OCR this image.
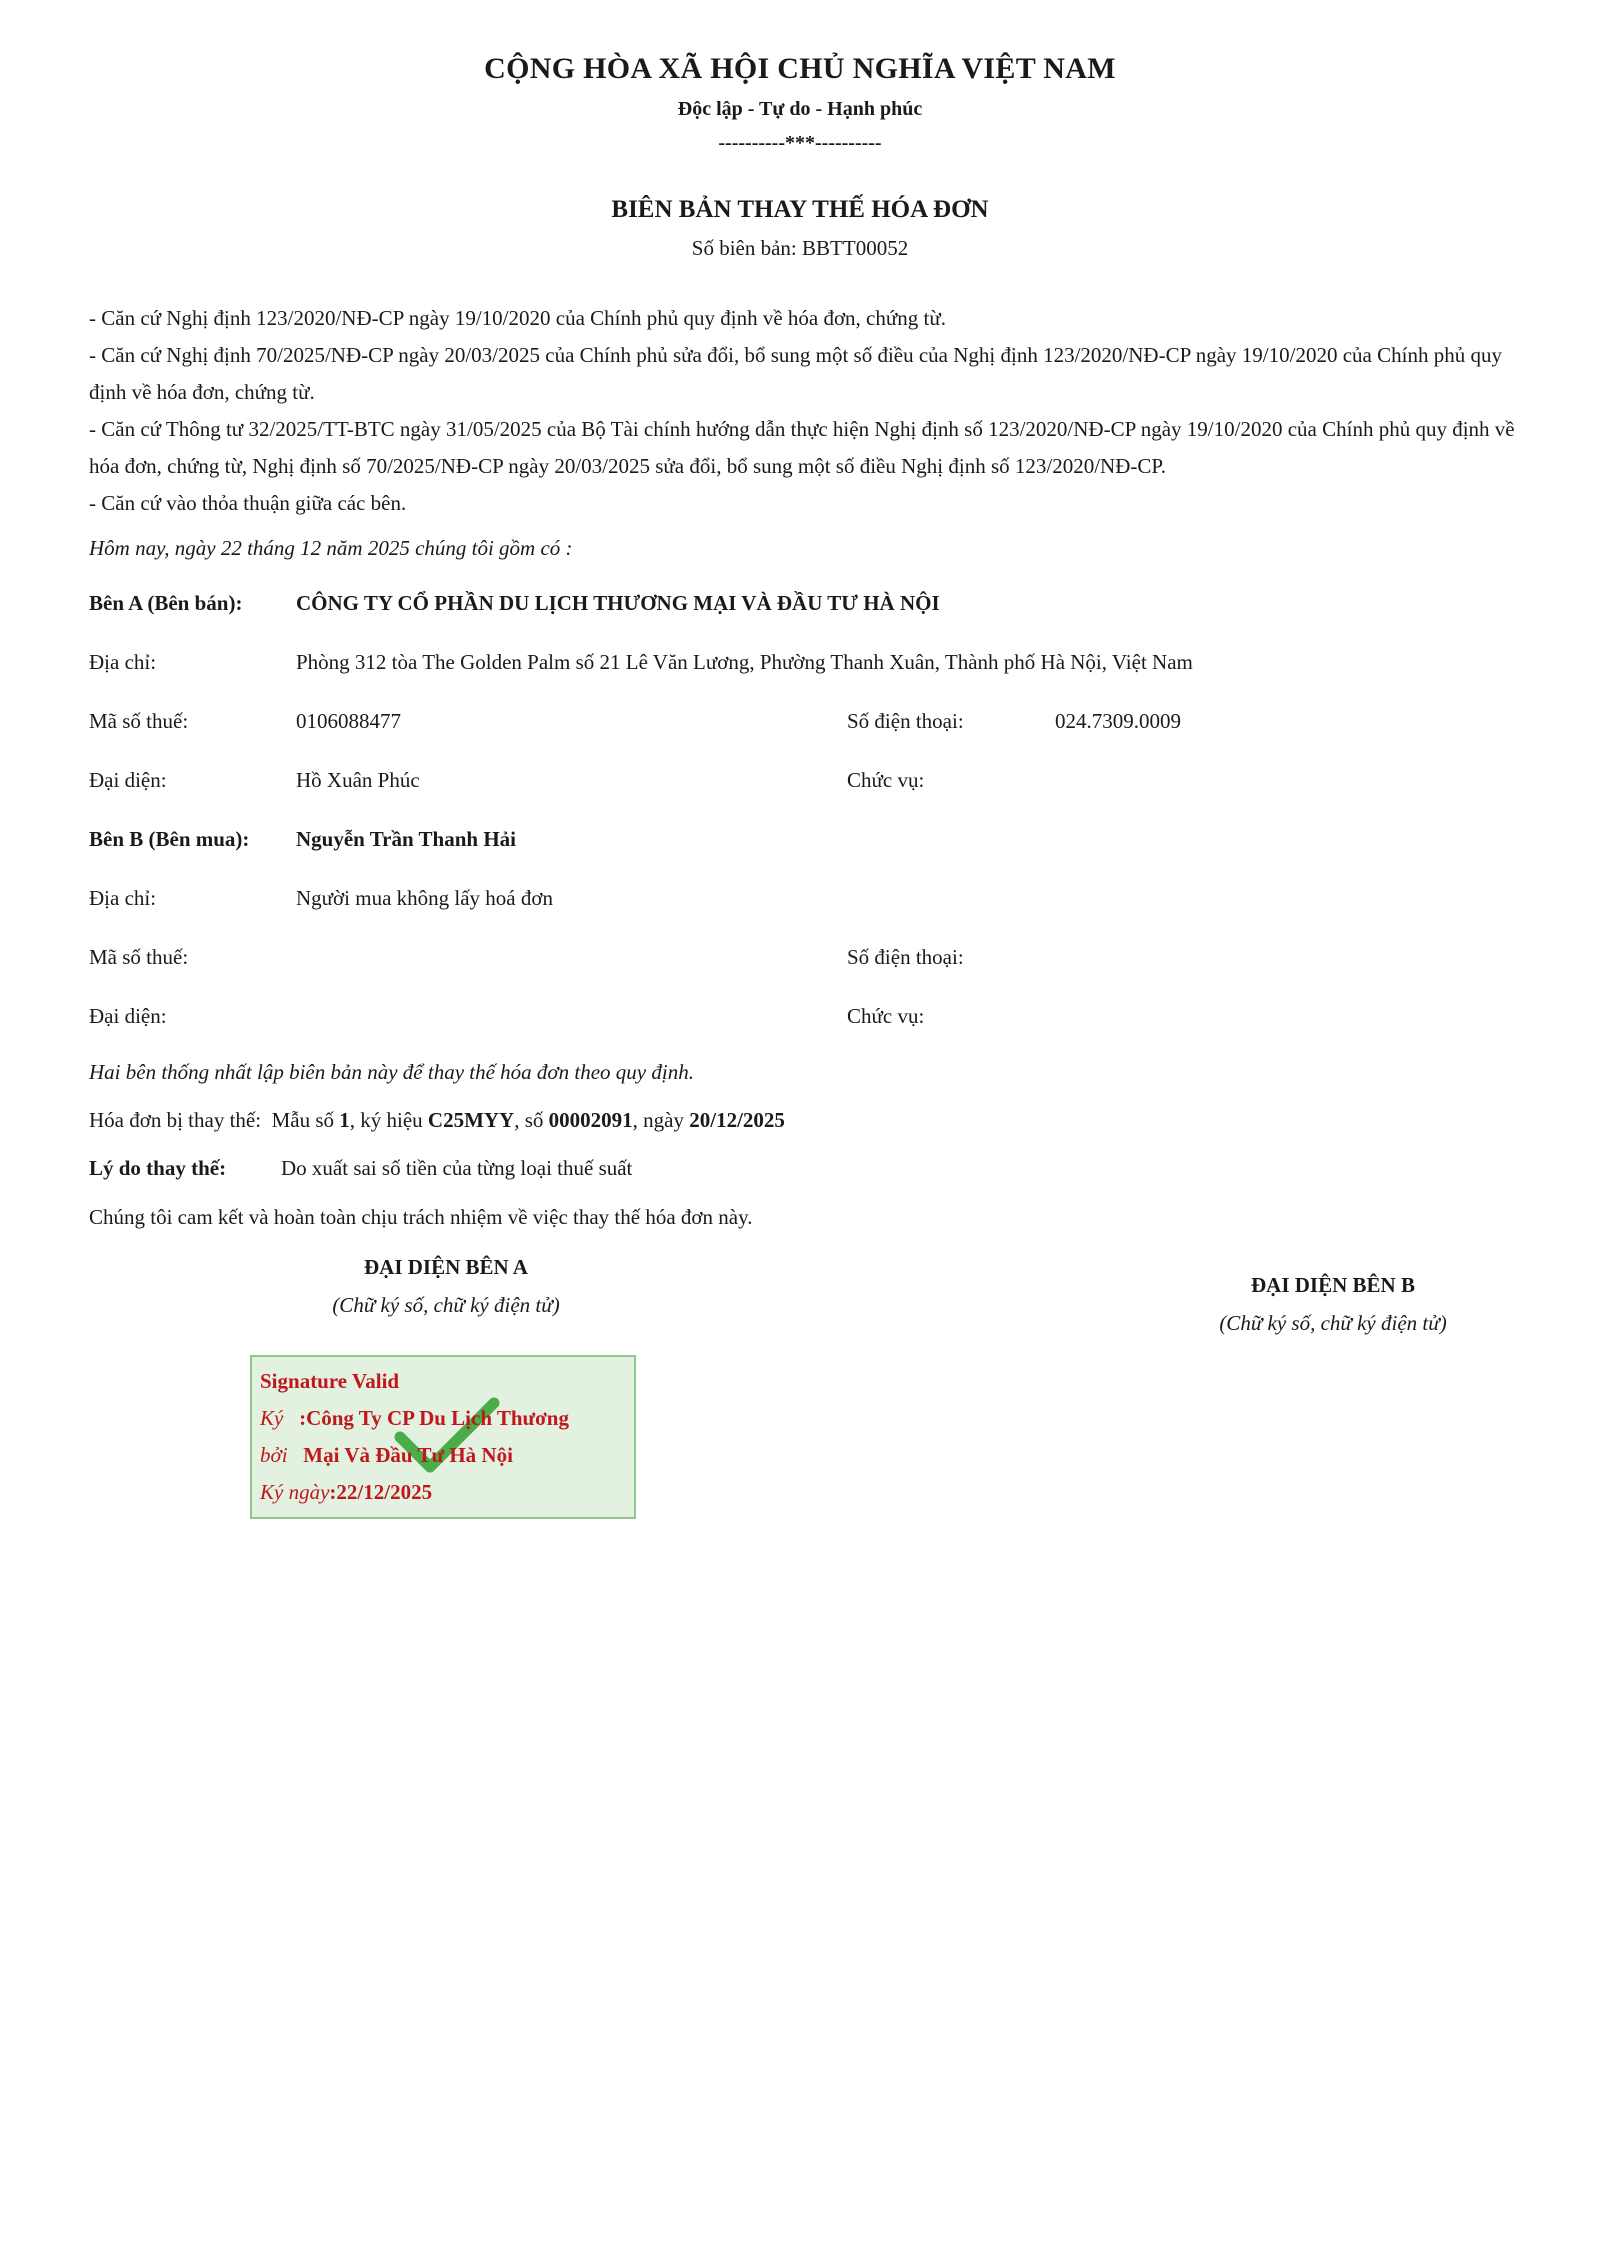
CỘNG HÒA XÃ HỘI CHỦ NGHĨA VIỆT NAM
Độc lập - Tự do - Hạnh phúc
----------***----------
BIÊN BẢN THAY THẾ HÓA ĐƠN
Số biên bản: BBTT00052

- Căn cứ Nghị định 123/2020/NĐ-CP ngày 19/10/2020 của Chính phủ quy định về hóa đơn, chứng từ.

- Căn cứ Nghị định 70/2025/NĐ-CP ngày 20/03/2025 của Chính phủ sửa đổi, bổ sung một số điều của Nghị định 123/2020/NĐ-CP ngày 19/10/2020 của Chính phủ quy định về hóa đơn, chứng từ.

- Căn cứ Thông tư 32/2025/TT-BTC ngày 31/05/2025 của Bộ Tài chính hướng dẫn thực hiện Nghị định số 123/2020/NĐ-CP ngày 19/10/2020 của Chính phủ quy định về hóa đơn, chứng từ, Nghị định số 70/2025/NĐ-CP ngày 20/03/2025 sửa đổi, bổ sung một số điều Nghị định số 123/2020/NĐ-CP.

- Căn cứ vào thỏa thuận giữa các bên.

Hôm nay, ngày 22 tháng 12 năm 2025 chúng tôi gồm có :
Bên A (Bên bán):	CÔNG TY CỔ PHẦN DU LỊCH THƯƠNG MẠI VÀ ĐẦU TƯ HÀ NỘI
Địa chỉ:	Phòng 312 tòa The Golden Palm số 21 Lê Văn Lương, Phường Thanh Xuân, Thành phố Hà Nội, Việt Nam
Mã số thuế:	0106088477	Số điện thoại:	024.7309.0009
Đại diện:	Hồ Xuân Phúc	Chức vụ:
Bên B (Bên mua): Nguyễn Trần Thanh Hải
Địa chỉ:	Người mua không lấy hoá đơn
Mã số thuế:	Số điện thoại:
Đại diện:	Chức vụ:
Hai bên thống nhất lập biên bản này để thay thế hóa đơn theo quy định.
Hóa đơn bị thay thế: Mẫu số 1, ký hiệu C25MYY, số 00002091, ngày 20/12/2025
Lý do thay thế:	Do xuất sai số tiền của từng loại thuế suất
Chúng tôi cam kết và hoàn toàn chịu trách nhiệm về việc thay thế hóa đơn này.
ĐẠI DIỆN BÊN A
(Chữ ký số, chữ ký điện tử)
ĐẠI DIỆN BÊN B
(Chữ ký số, chữ ký điện tử)
Signature Valid
Ký :Công Ty CP Du Lịch Thương
bởi Mại Và Đầu Tư Hà Nội
Ký ngày:22/12/2025
